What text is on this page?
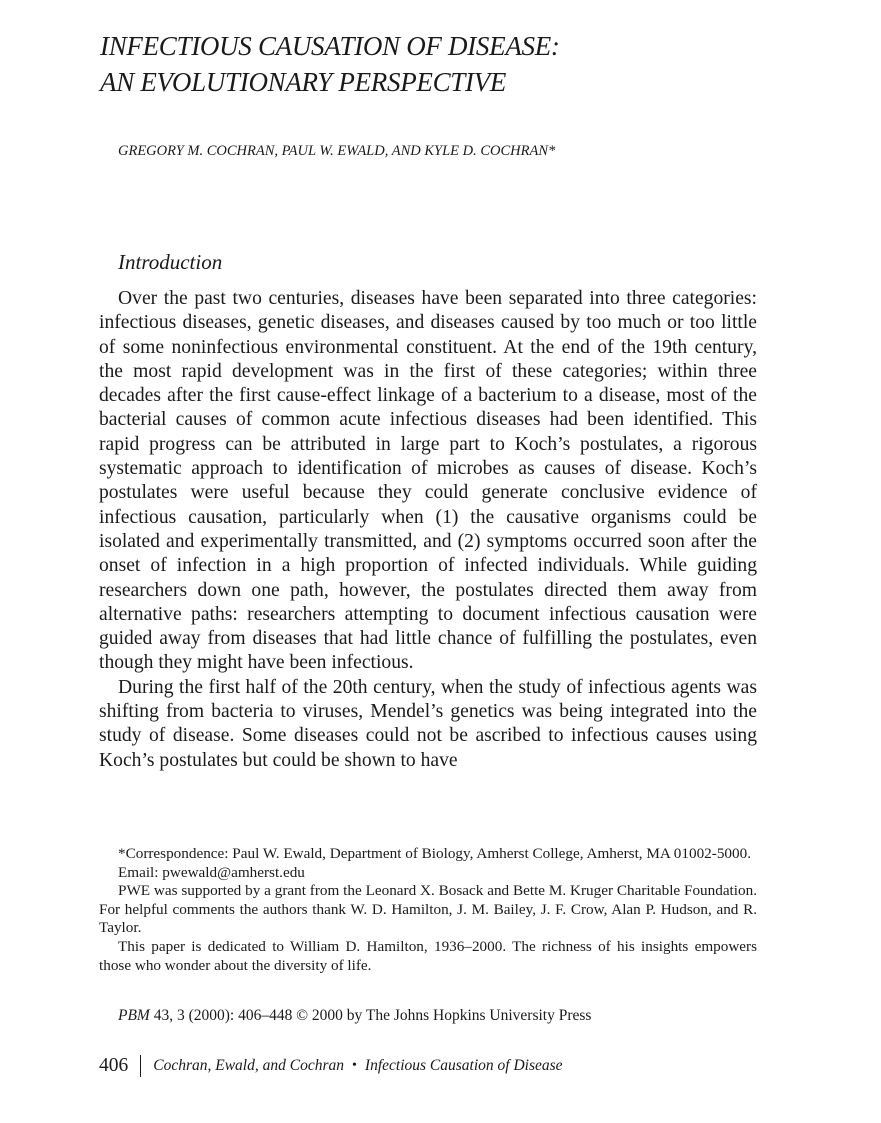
INFECTIOUS CAUSATION OF DISEASE:
AN EVOLUTIONARY PERSPECTIVE
GREGORY M. COCHRAN, PAUL W. EWALD, AND KYLE D. COCHRAN*
Introduction

Over the past two centuries, diseases have been separated into three categories: infectious diseases, genetic diseases, and diseases caused by too much or too little of some noninfectious environmental constituent. At the end of the 19th century, the most rapid development was in the first of these categories; within three decades after the first cause-effect linkage of a bacterium to a disease, most of the bacterial causes of common acute infectious diseases had been identified. This rapid progress can be attributed in large part to Koch’s postulates, a rigorous systematic approach to identification of microbes as causes of disease. Koch’s postulates were useful because they could generate conclusive evidence of infectious causation, particularly when (1) the causative organisms could be isolated and experimentally transmitted, and (2) symptoms occurred soon after the onset of infection in a high proportion of infected individuals. While guiding researchers down one path, however, the postulates directed them away from alternative paths: researchers attempting to document infectious causation were guided away from diseases that had little chance of fulfilling the postulates, even though they might have been infectious.

During the first half of the 20th century, when the study of infectious agents was shifting from bacteria to viruses, Mendel’s genetics was being integrated into the study of disease. Some diseases could not be ascribed to infectious causes using Koch’s postulates but could be shown to have

*Correspondence: Paul W. Ewald, Department of Biology, Amherst College, Amherst, MA 01002-5000.

Email: pwewald@amherst.edu

PWE was supported by a grant from the Leonard X. Bosack and Bette M. Kruger Charitable Foundation. For helpful comments the authors thank W. D. Hamilton, J. M. Bailey, J. F. Crow, Alan P. Hudson, and R. Taylor.

This paper is dedicated to William D. Hamilton, 1936–2000. The richness of his insights empowers those who wonder about the diversity of life.

PBM 43, 3 (2000): 406–448 © 2000 by The Johns Hopkins University Press
406 Cochran, Ewald, and Cochran • Infectious Causation of Disease
